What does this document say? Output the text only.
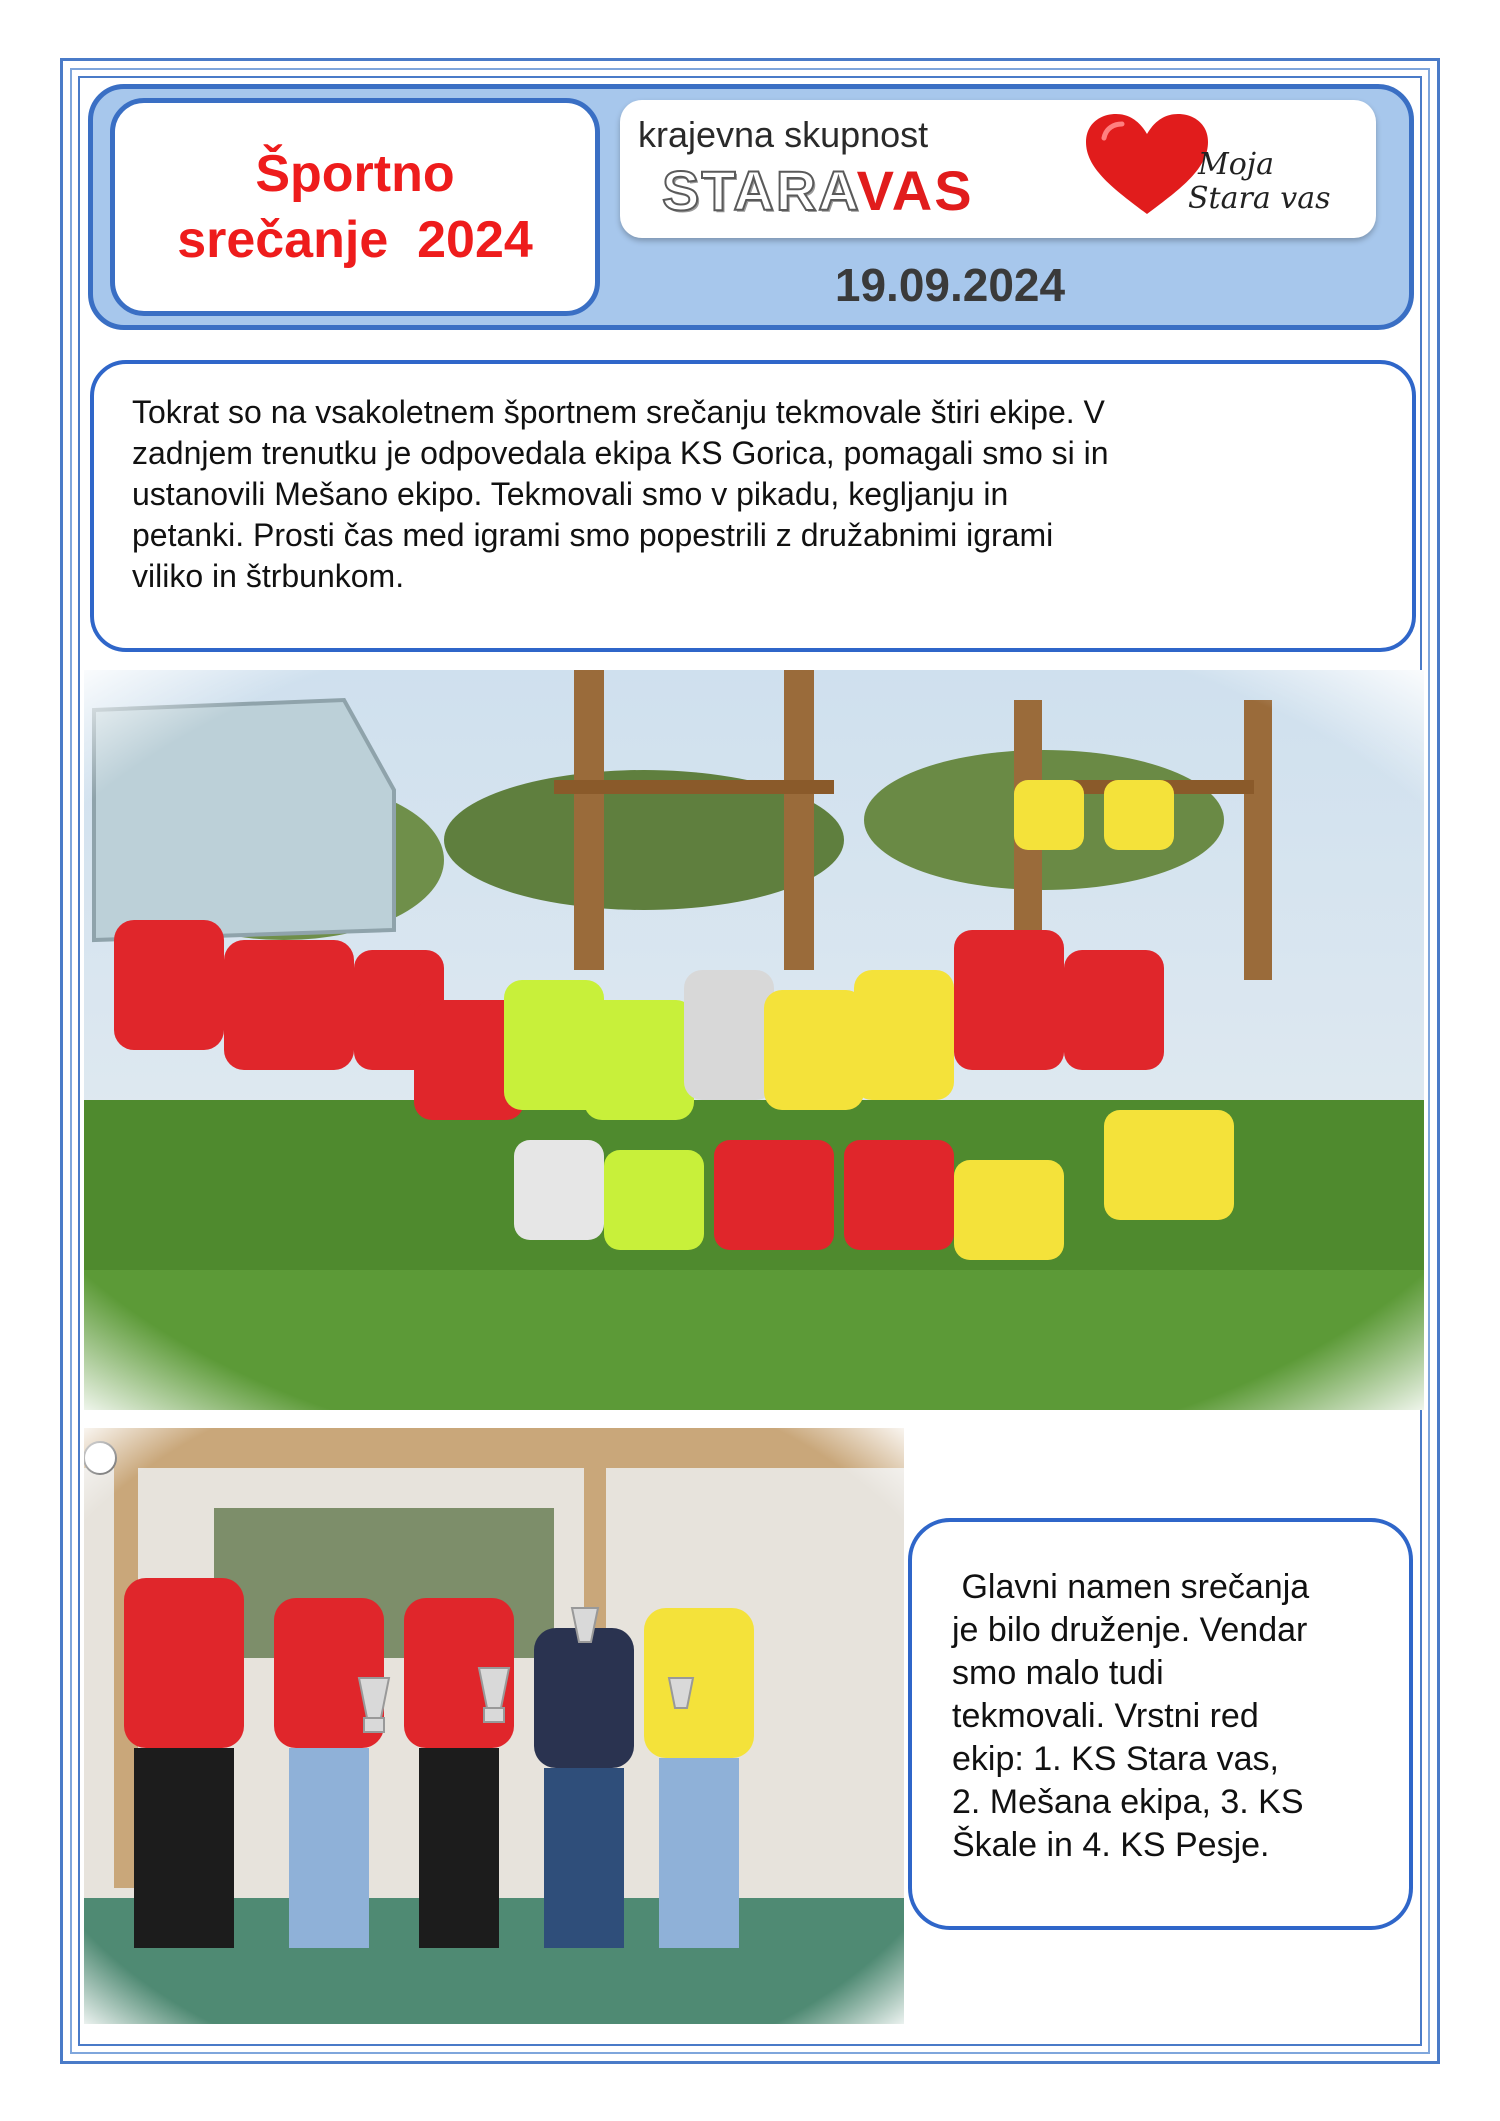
Športno
srečanje  2024
krajevna skupnost
STARAVAS	Moja
Stara vas
19.09.2024

Tokrat so na vsakoletnem športnem srečanju tekmovale štiri ekipe. V
zadnjem trenutku je odpovedala ekipa KS Gorica, pomagali smo si in
ustanovili Mešano ekipo. Tekmovali smo v pikadu, kegljanju in
petanki. Prosti čas med igrami smo popestrili z družabnimi igrami
viliko in štrbunkom.

Glavni namen srečanja
je bilo druženje. Vendar
smo malo tudi
tekmovali. Vrstni red
ekip: 1. KS Stara vas,
2. Mešana ekipa, 3. KS
Škale in 4. KS Pesje.
